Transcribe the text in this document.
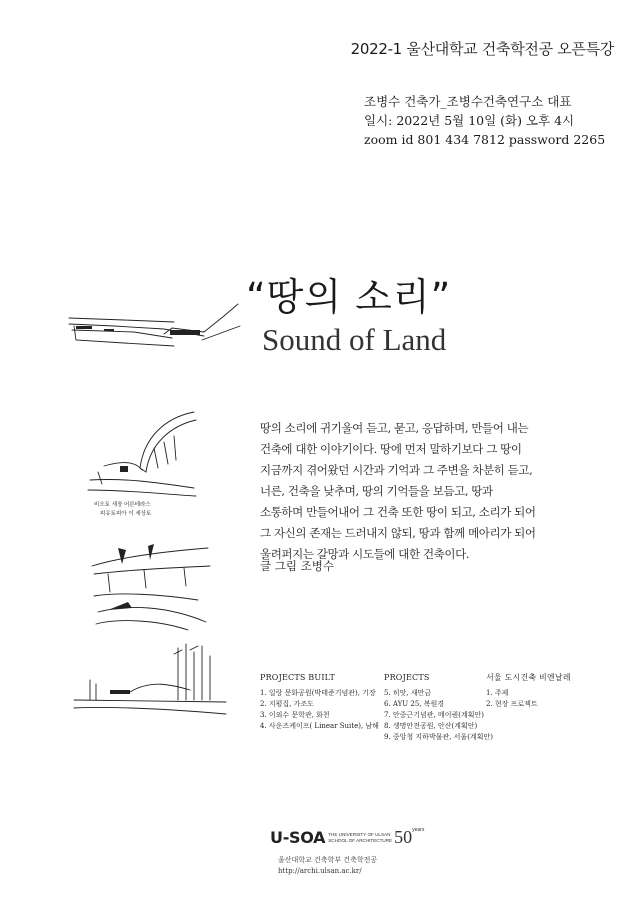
2022-1 울산대학교 건축학전공 오픈특강
조병수 건축가_조병수건축연구소 대표
일시: 2022년 5월 10일 (화) 오후 4시
zoom id 801 434 7812 password 2265
“땅의 소리”
Sound of Land
비오토 새장 어른테라스
피유토피아 이 세상토

땅의 소리에 귀기울여 듣고, 묻고, 응답하며, 만들어 내는

건축에 대한 이야기이다. 땅에 먼저 말하기보다 그 땅이

지금까지 겪어왔던 시간과 기억과 그 주변을 차분히 듣고,

너른, 건축을 낮추며, 땅의 기억들을 보듬고, 땅과

소통하며 만들어내어 그 건축 또한 땅이 되고, 소리가 되어

그 자신의 존재는 드러내지 않되, 땅과 함께 메아리가 되어

울려퍼지는 갈망과 시도들에 대한 건축이다.

글 그림 조병수
PROJECTS BUILT
1. 일랑 문화공원(박태준기념관), 기장
2. 지평집, 가조도
3. 이외수 문학관, 화천
4. 사운즈케이프( Linear Suite), 남해
PROJECTS
5. 히앗, 새만금
6. AYU 25, 복원경
7. 안중근기념관, 메이퀀(계획안)
8. 생명안전공원, 안산(계획안)
9. 중앙청 지하박물관, 서울(계획안)
서울 도시건축 비엔날레
1. 주제
2. 현장 프로젝트
U-SOA THE UNIVERSITY OF ULSAN
SCHOOL OF ARCHITECTURE $50^{years}$
울산대학교 건축학부 건축학전공
http://archi.ulsan.ac.kr/
